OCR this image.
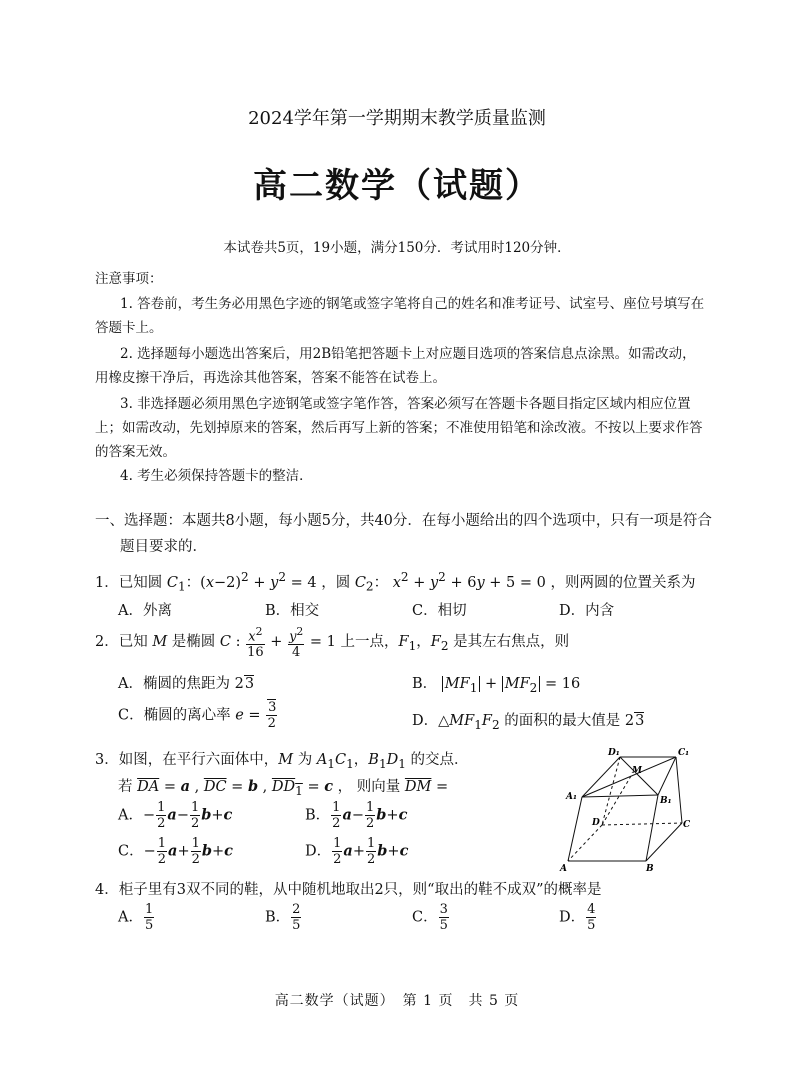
2024学年第一学期期末教学质量监测
高二数学（试题）
本试卷共5页，19小题，满分150分．考试用时120分钟．
注意事项：
1. 答卷前，考生务必用黑色字迹的钢笔或签字笔将自己的姓名和准考证号、试室号、座位号填写在答题卡上。
2. 选择题每小题选出答案后，用2B铅笔把答题卡上对应题目选项的答案信息点涂黑。如需改动，用橡皮擦干净后，再选涂其他答案，答案不能答在试卷上。
3. 非选择题必须用黑色字迹钢笔或签字笔作答，答案必须写在答题卡各题目指定区域内相应位置上；如需改动，先划掉原来的答案，然后再写上新的答案；不准使用铅笔和涂改液。不按以上要求作答的答案无效。
4. 考生必须保持答题卡的整洁．
一、选择题：本题共8小题，每小题5分，共40分．在每小题给出的四个选项中，只有一项是符合
题目要求的．
1．已知圆 $C_1$：$(x-2)^2 + y^2 = 4$ ，圆 $C_2$： $x^2 + y^2 + 6y + 5 = 0$ ，则两圆的位置关系为
A．外离	B．相交	C．相切	D．内含
2．已知 M 是椭圆 C : $\frac{x^2}{16} + \frac{y^2}{4} = 1$ 上一点，$F_1$，$F_2$ 是其左右焦点，则
A．椭圆的焦距为 23	B． $MF_1 + MF_2 = 16$
C．椭圆的离心率 $e = \frac{3}{2}$	D．$\triangle MF_1F_2$ 的面积的最大值是 23
3．如图，在平行六面体中，M 为 $A_1C_1$，$B_1D_1$ 的交点．
若 $\overline{DA} = a$ , $\overline{DC} = b$ , $DD_1 = c$ ， 则向量 $\overline{DM}$ =
A．− $\frac{1}{2} a- \frac{1}{2} b+c$	B． $\frac{1}{2} a- \frac{1}{2} b+c$
C．− $\frac{1}{2} a+ \frac{1}{2} b+c$	D． $\frac{1}{2} a+ \frac{1}{2} b+c$
D₁	C₁
M
A₁	B₁
D	C
A	B
4．柜子里有3双不同的鞋，从中随机地取出2只，则“取出的鞋不成双”的概率是
A． $\frac{1}{5}$	B． $\frac{2}{5}$	C． $\frac{3}{5}$	D． $\frac{4}{5}$
高二数学（试题）　第 1 页　共 5 页
